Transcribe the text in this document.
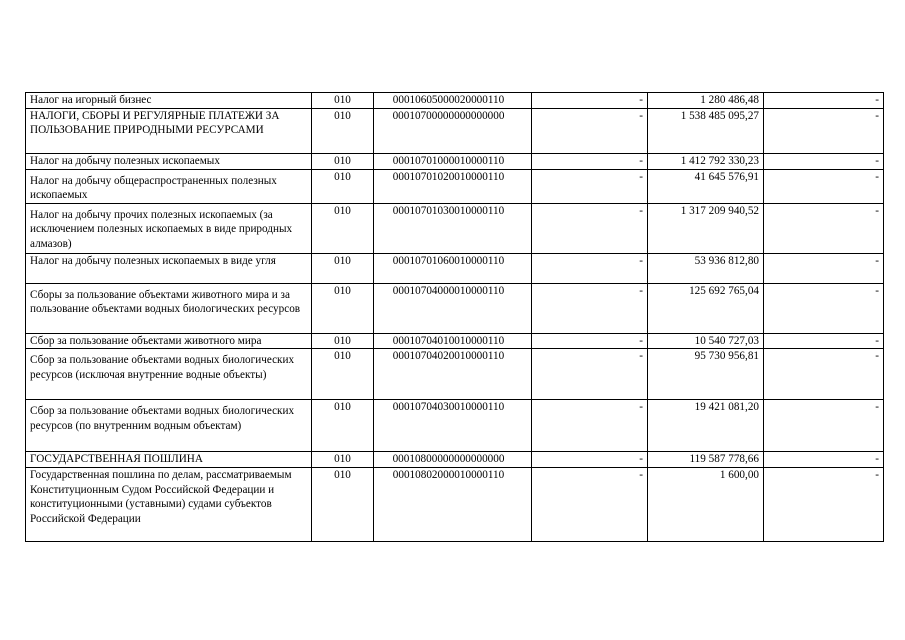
Налог на игорный бизнес	010	00010605000020000110	-	1 280 486,48	-
НАЛОГИ, СБОРЫ И РЕГУЛЯРНЫЕ ПЛАТЕЖИ ЗА ПОЛЬЗОВАНИЕ ПРИРОДНЫМИ РЕСУРСАМИ	010	00010700000000000000	-	1 538 485 095,27	-
Налог на добычу полезных ископаемых	010	00010701000010000110	-	1 412 792 330,23	-
Налог на добычу общераспространенных полезных ископаемых	010	00010701020010000110	-	41 645 576,91	-
Налог на добычу прочих полезных ископаемых (за исключением полезных ископаемых в виде природных алмазов)	010	00010701030010000110	-	1 317 209 940,52	-
Налог на добычу полезных ископаемых в виде угля	010	00010701060010000110	-	53 936 812,80	-
Сборы за пользование объектами животного мира и за пользование объектами водных биологических ресурсов	010	00010704000010000110	-	125 692 765,04	-
Сбор за пользование объектами животного мира	010	00010704010010000110	-	10 540 727,03	-
Сбор за пользование объектами водных биологических ресурсов (исключая внутренние водные объекты)	010	00010704020010000110	-	95 730 956,81	-
Сбор за пользование объектами водных биологических ресурсов (по внутренним водным объектам)	010	00010704030010000110	-	19 421 081,20	-
ГОСУДАРСТВЕННАЯ ПОШЛИНА	010	00010800000000000000	-	119 587 778,66	-
Государственная пошлина по делам, рассматриваемым Конституционным Судом Российской Федерации и конституционными (уставными) судами субъектов Российской Федерации	010	00010802000010000110	-	1 600,00	-
